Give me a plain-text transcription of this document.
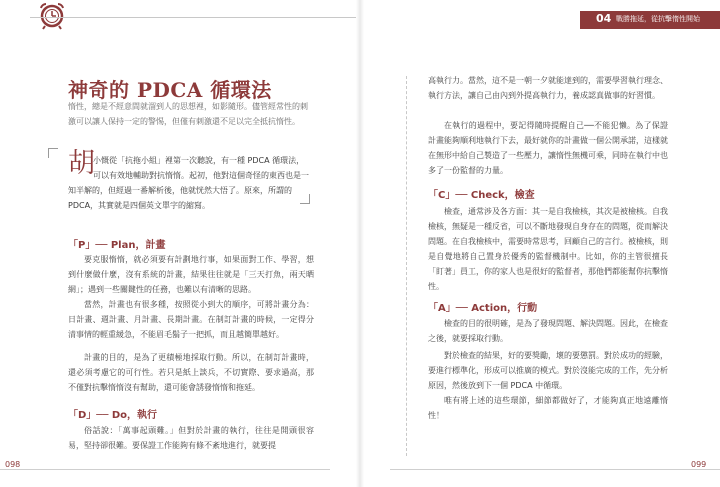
04 戰勝拖延，從抗擊惰性開始
098	099
神奇的 PDCA 循環法
惰性，總是不經意間就溜到人的思想裡，如影隨形。儘管經常性的刺激可以讓人保持一定的警惕，但僅有刺激還不足以完全抵抗惰性。
胡
小慨從「抗拖小組」裡第一次聽說，有一種 PDCA 循環法，
可以有效地輔助對抗惰惰。起初，他對這個奇怪的東西也是一知半解的，但經過一番解析後，他就恍然大悟了。原來，所謂的 PDCA，其實就是四個英文單字的縮寫。
「P」── Plan，計畫
要克服惰惰，就必須要有計劃地行事，如果面對工作、學習，想到什麼做什麼，沒有系統的計畫，結果往往就是「三天打魚，兩天晒網」；遇到一些關鍵性的任務，也難以有清晰的思路。
當然，計畫也有很多種，按照從小到大的順序，可將計畫分為：日計畫、週計畫、月計畫、長期計畫。在制訂計畫的時候，一定得分清事情的輕重緩急，不能眉毛鬍子一把抓，而且越簡單越好。
計畫的目的，是為了更積極地採取行動。所以，在制訂計畫時，還必須考慮它的可行性。若只是紙上談兵，不切實際、要求過高，那不僅對抗擊惰惰沒有幫助，還可能會誘發惰惰和拖延。
「D」── Do，執行
俗話說：「萬事起頭難。」但對於計畫的執行，往往是開頭很容易，堅持卻很難。要保證工作能夠有條不紊地進行，就要提
高執行力。當然，這不是一朝一夕就能達到的，需要學習執行理念、執行方法，讓自己由內到外提高執行力，養成認真做事的好習慣。
在執行的過程中，要記得隨時提醒自己──不能犯懶。為了保證計畫能夠順利地執行下去，最好就你的計畫做一個公開承諾，這樣就在無形中給自己製造了一些壓力，讓惰性無機可乘，同時在執行中也多了一份監督的力量。
「C」── Check，檢查
檢查，通常涉及各方面：其一是自我檢核，其次是被檢核。自我檢核，無疑是一種反省，可以不斷地發現自身存在的問題，從而解決問題。在自我檢核中，需要時常思考，回顧自己的言行。被檢核，則是自覺地將自己置身於優秀的監督機制中。比如，你的主管很擅長「盯著」員工，你的家人也是很好的監督者，那他們都能幫你抗擊惰性。
「A」── Action，行動
檢查的目的很明確，是為了發現問題、解決問題。因此，在檢查之後，就要採取行動。
對於檢查的結果，好的要獎勵，壞的要懲罰。對於成功的經驗，要進行標準化，形成可以推廣的模式。對於沒能完成的工作，先分析原因，然後放到下一個 PDCA 中循環。
唯有將上述的這些環節，細節都做好了，才能夠真正地遠離惰性！
